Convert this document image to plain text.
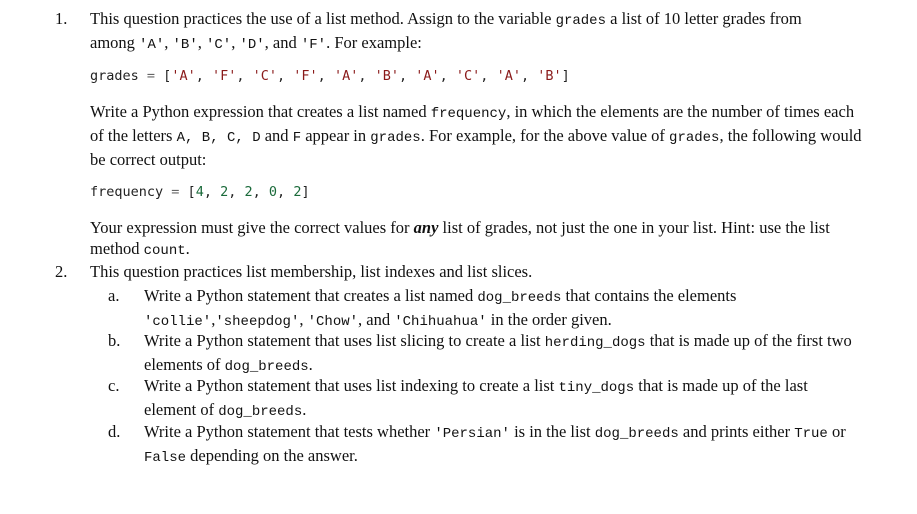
1. This question practices the use of a list method. Assign to the variable grades a list of 10 letter grades from among 'A', 'B', 'C', 'D', and 'F'. For example:

grades = ['A', 'F', 'C', 'F', 'A', 'B', 'A', 'C', 'A', 'B']

Write a Python expression that creates a list named frequency, in which the elements are the number of times each of the letters A, B, C, D and F appear in grades. For example, for the above value of grades, the following would be correct output:

frequency = [4, 2, 2, 0, 2]

Your expression must give the correct values for any list of grades, not just the one in your list. Hint: use the list method count.

2. This question practices list membership, list indexes and list slices.

a. Write a Python statement that creates a list named dog_breeds that contains the elements 'collie','sheepdog', 'Chow', and 'Chihuahua' in the order given.

b. Write a Python statement that uses list slicing to create a list herding_dogs that is made up of the first two elements of dog_breeds.

c. Write a Python statement that uses list indexing to create a list tiny_dogs that is made up of the last element of dog_breeds.

d. Write a Python statement that tests whether 'Persian' is in the list dog_breeds and prints either True or False depending on the answer.
